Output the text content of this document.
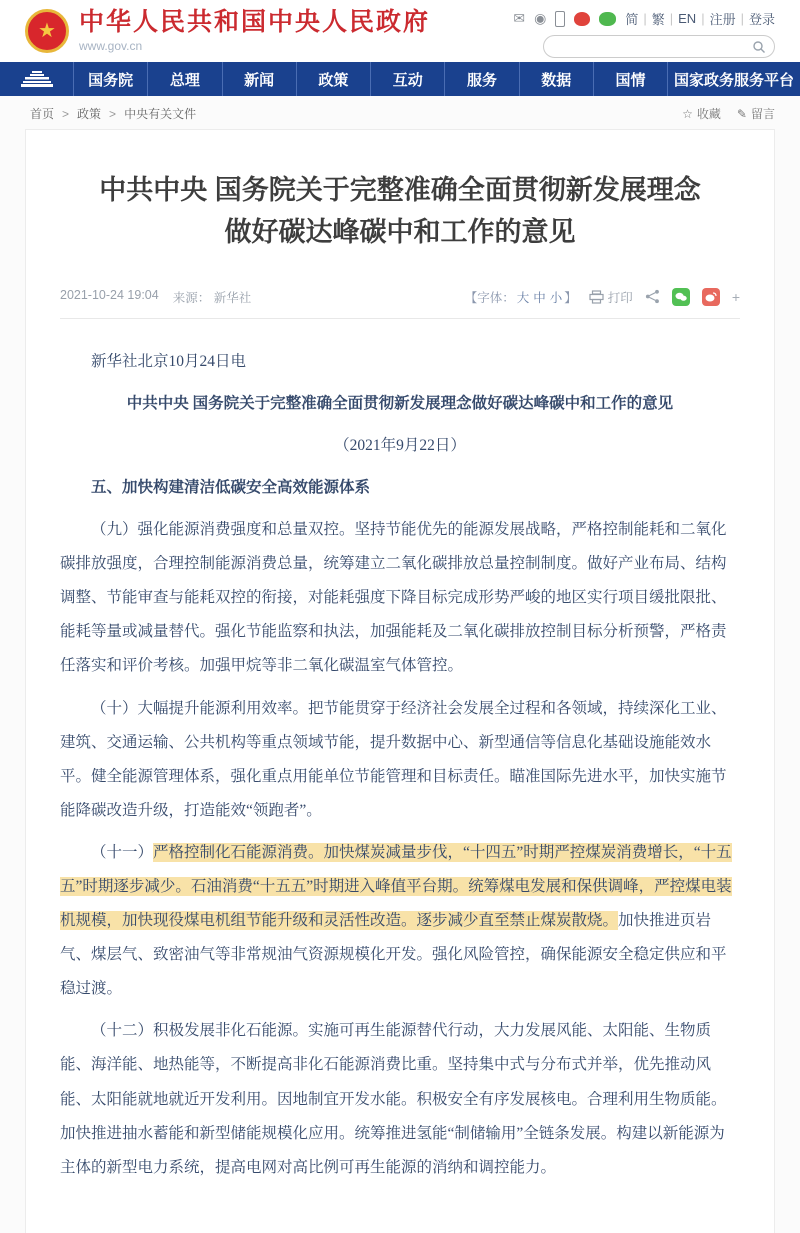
★ 中华人民共和国中央人民政府
www.gov.cn
✉ ◉	简 | 繁 | EN | 注册 | 登录
国务院	总理	新闻	政策	互动	服务	数据	国情	国家政务服务平台
首页 > 政策 > 中央有关文件	☆ 收藏 ✎ 留言
中共中央 国务院关于完整准确全面贯彻新发展理念做好碳达峰碳中和工作的意见
2021-10-24 19:04 来源： 新华社	【字体： 大 中 小 】 打印	+

新华社北京10月24日电

中共中央 国务院关于完整准确全面贯彻新发展理念做好碳达峰碳中和工作的意见

（2021年9月22日）

五、加快构建清洁低碳安全高效能源体系

（九）强化能源消费强度和总量双控。坚持节能优先的能源发展战略，严格控制能耗和二氧化碳排放强度，合理控制能源消费总量，统筹建立二氧化碳排放总量控制制度。做好产业布局、结构调整、节能审查与能耗双控的衔接，对能耗强度下降目标完成形势严峻的地区实行项目缓批限批、能耗等量或减量替代。强化节能监察和执法，加强能耗及二氧化碳排放控制目标分析预警，严格责任落实和评价考核。加强甲烷等非二氧化碳温室气体管控。

（十）大幅提升能源利用效率。把节能贯穿于经济社会发展全过程和各领域，持续深化工业、建筑、交通运输、公共机构等重点领域节能，提升数据中心、新型通信等信息化基础设施能效水平。健全能源管理体系，强化重点用能单位节能管理和目标责任。瞄准国际先进水平，加快实施节能降碳改造升级，打造能效“领跑者”。

（十一）严格控制化石能源消费。加快煤炭减量步伐，“十四五”时期严控煤炭消费增长，“十五五”时期逐步减少。石油消费“十五五”时期进入峰值平台期。统筹煤电发展和保供调峰，严控煤电装机规模，加快现役煤电机组节能升级和灵活性改造。逐步减少直至禁止煤炭散烧。加快推进页岩气、煤层气、致密油气等非常规油气资源规模化开发。强化风险管控，确保能源安全稳定供应和平稳过渡。

（十二）积极发展非化石能源。实施可再生能源替代行动，大力发展风能、太阳能、生物质能、海洋能、地热能等，不断提高非化石能源消费比重。坚持集中式与分布式并举，优先推动风能、太阳能就地就近开发利用。因地制宜开发水能。积极安全有序发展核电。合理利用生物质能。加快推进抽水蓄能和新型储能规模化应用。统筹推进氢能“制储输用”全链条发展。构建以新能源为主体的新型电力系统，提高电网对高比例可再生能源的消纳和调控能力。
